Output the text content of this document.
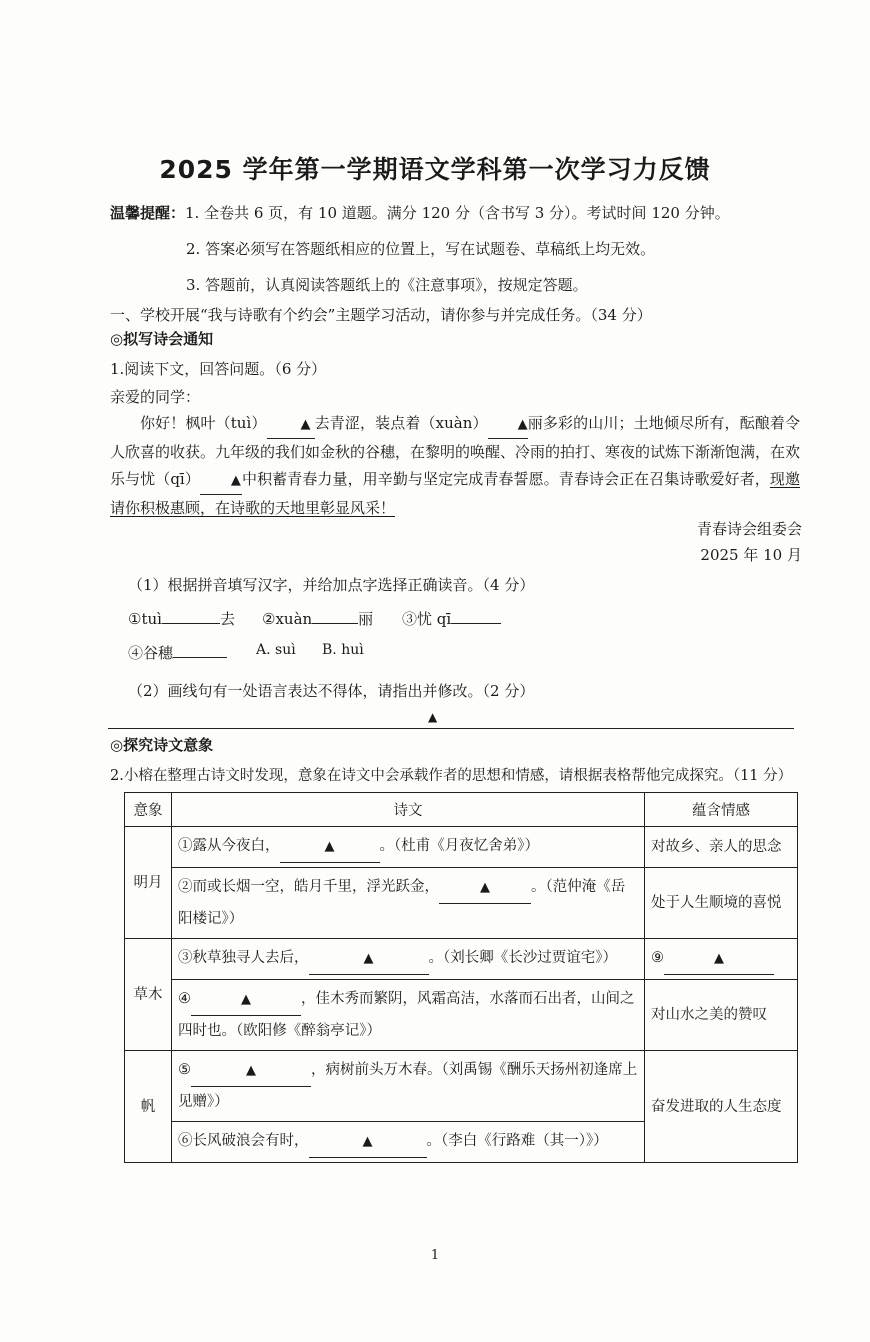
2025 学年第一学期语文学科第一次学习力反馈
温馨提醒：1. 全卷共 6 页，有 10 道题。满分 120 分（含书写 3 分）。考试时间 120 分钟。
2. 答案必须写在答题纸相应的位置上，写在试题卷、草稿纸上均无效。
3. 答题前，认真阅读答题纸上的《注意事项》，按规定答题。
一、学校开展“我与诗歌有个约会”主题学习活动，请你参与并完成任务。（34 分）
◎拟写诗会通知
1.阅读下文，回答问题。（6 分）
亲爱的同学：
你好！枫叶（tuì）	▲ 去青涩，装点着（xuàn） ▲丽多彩的山川；土地倾尽所有，酝酿着令人欣喜的收获。九年级的我们如金秋的谷穗，在黎明的唤醒、冷雨的拍打、寒夜的试炼下渐渐饱满，在欢乐与忧（qī） ▲中积蓄青春力量，用辛勤与坚定完成青春誓愿。青春诗会正在召集诗歌爱好者，现邀请你积极惠顾，在诗歌的天地里彰显风采！
青春诗会组委会
2025 年 10 月
（1）根据拼音填写汉字，并给加点字选择正确读音。（4 分）
①tuì	去 ②xuàn	丽 ③忧 qī
④谷穗	A. suì B. huì
（2）画线句有一处语言表达不得体，请指出并修改。（2 分）
▲
◎探究诗文意象
2.小榕在整理古诗文时发现，意象在诗文中会承载作者的思想和情感，请根据表格帮他完成探究。（11 分）
意象	诗文	蕴含情感
明月	①露从今夜白， ▲ 。（杜甫《月夜忆舍弟》）	对故乡、亲人的思念
	②而或长烟一空，皓月千里，浮光跃金， ▲ 。（范仲淹《岳阳楼记》）	处于人生顺境的喜悦
草木	③秋草独寻人去后， ▲ 。（刘长卿《长沙过贾谊宅》）	⑨ ▲
	④ ▲ ，佳木秀而繁阴，风霜高洁，水落而石出者，山间之四时也。（欧阳修《醉翁亭记》）	对山水之美的赞叹
帆	⑤ ▲ ，病树前头万木春。（刘禹锡《酬乐天扬州初逢席上见赠》）	奋发进取的人生态度
	⑥长风破浪会有时， ▲ 。（李白《行路难（其一）》）	
1
